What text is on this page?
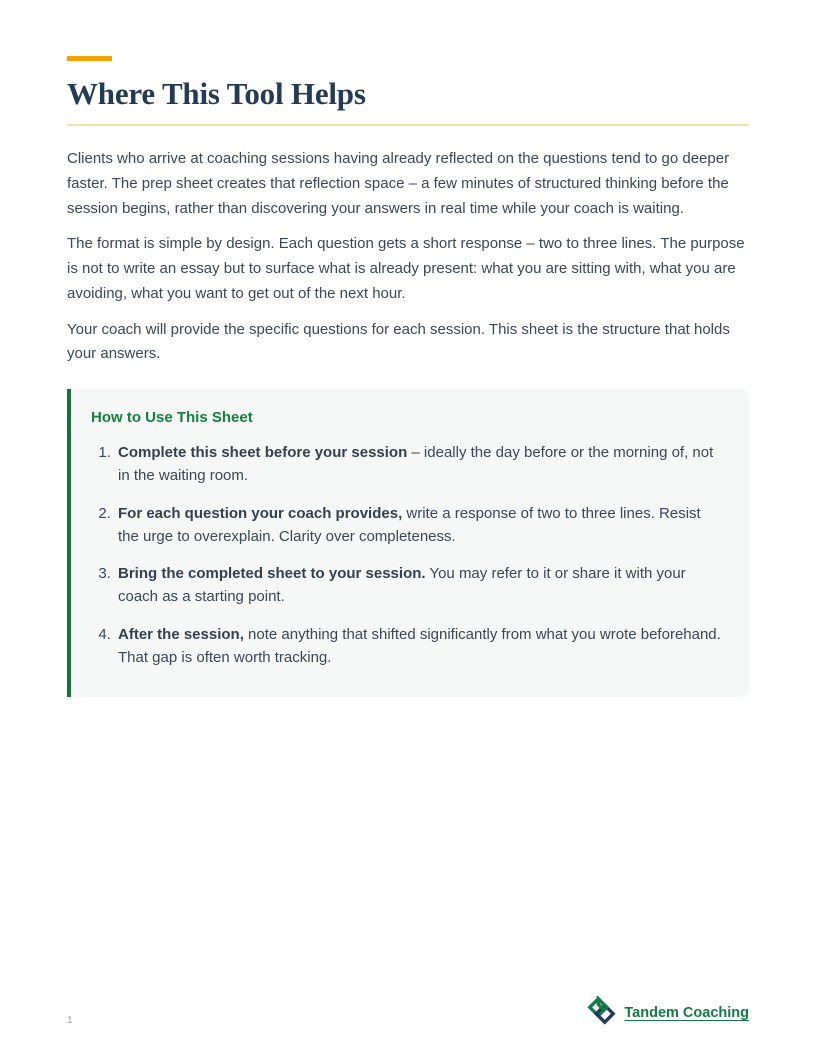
Where This Tool Helps

Clients who arrive at coaching sessions having already reflected on the questions tend to go deeper faster. The prep sheet creates that reflection space – a few minutes of structured thinking before the session begins, rather than discovering your answers in real time while your coach is waiting.

The format is simple by design. Each question gets a short response – two to three lines. The purpose is not to write an essay but to surface what is already present: what you are sitting with, what you are avoiding, what you want to get out of the next hour.

Your coach will provide the specific questions for each session. This sheet is the structure that holds your answers.

How to Use This Sheet
1. Complete this sheet before your session – ideally the day before or the morning of, not in the waiting room.
2. For each question your coach provides, write a response of two to three lines. Resist the urge to overexplain. Clarity over completeness.
3. Bring the completed sheet to your session. You may refer to it or share it with your coach as a starting point.
4. After the session, note anything that shifted significantly from what you wrote beforehand. That gap is often worth tracking.
1	Tandem Coaching
